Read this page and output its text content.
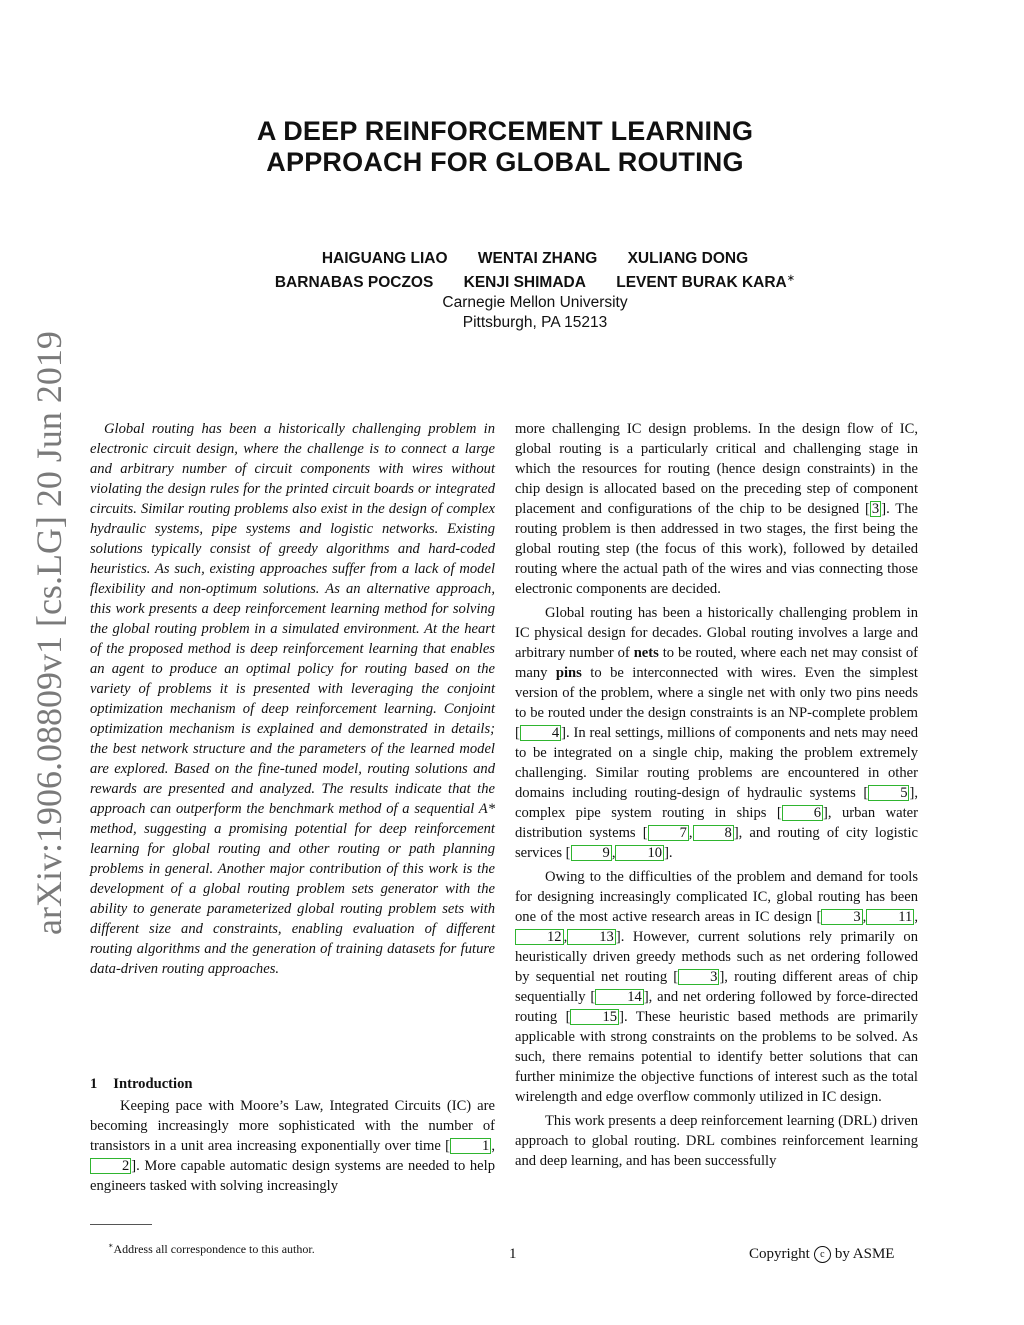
arXiv:1906.08809v1 [cs.LG] 20 Jun 2019
A DEEP REINFORCEMENT LEARNING
APPROACH FOR GLOBAL ROUTING
HAIGUANG LIAO WENTAI ZHANG XULIANG DONG
BARNABAS POCZOS KENJI SHIMADA LEVENT BURAK KARA∗
Carnegie Mellon University
Pittsburgh, PA 15213
Global routing has been a historically challenging problem in electronic circuit design, where the challenge is to connect a large and arbitrary number of circuit components with wires without violating the design rules for the printed circuit boards or integrated circuits. Similar routing problems also exist in the design of complex hydraulic systems, pipe systems and logistic networks. Existing solutions typically consist of greedy algorithms and hard-coded heuristics. As such, existing approaches suffer from a lack of model flexibility and non-optimum solutions. As an alternative approach, this work presents a deep reinforcement learning method for solving the global routing problem in a simulated environment. At the heart of the proposed method is deep reinforcement learning that enables an agent to produce an optimal policy for routing based on the variety of problems it is presented with leveraging the conjoint optimization mechanism of deep reinforcement learning. Conjoint optimization mechanism is explained and demonstrated in details; the best network structure and the parameters of the learned model are explored. Based on the fine-tuned model, routing solutions and rewards are presented and analyzed. The results indicate that the approach can outperform the benchmark method of a sequential A* method, suggesting a promising potential for deep reinforcement learning for global routing and other routing or path planning problems in general. Another major contribution of this work is the development of a global routing problem sets generator with the ability to generate parameterized global routing problem sets with different size and constraints, enabling evaluation of different routing algorithms and the generation of training datasets for future data-driven routing approaches.
1 Introduction
Keeping pace with Moore’s Law, Integrated Circuits (IC) are becoming increasingly more sophisticated with the number of transistors in a unit area increasing exponentially over time [ 1 ,2 ]. More capable automatic design systems are needed to help engineers tasked with solving increasingly

more challenging IC design problems. In the design flow of IC, global routing is a particularly critical and challenging stage in which the resources for routing (hence design constraints) in the chip design is allocated based on the preceding step of component placement and configurations of the chip to be designed [ 3 ]. The routing problem is then addressed in two stages, the first being the global routing step (the focus of this work), followed by detailed routing where the actual path of the wires and vias connecting those electronic components are decided.

Global routing has been a historically challenging problem in IC physical design for decades. Global routing involves a large and arbitrary number of nets to be routed, where each net may consist of many pins to be interconnected with wires. Even the simplest version of the problem, where a single net with only two pins needs to be routed under the design constraints is an NP-complete problem [ 4 ]. In real settings, millions of components and nets may need to be integrated on a single chip, making the problem extremely challenging. Similar routing problems are encountered in other domains including routing-design of hydraulic systems [ 5 ], complex pipe system routing in ships [ 6 ], urban water distribution systems [ 7 , 8 ], and routing of city logistic services [ 9 , 10 ].

Owing to the difficulties of the problem and demand for tools for designing increasingly complicated IC, global routing has been one of the most active research areas in IC design [ 3 , 11 ,12 , 13 ]. However, current solutions rely primarily on heuristically driven greedy methods such as net ordering followed by sequential net routing [ 3 ], routing different areas of chip sequentially [ 14 ], and net ordering followed by force-directed routing [ 15 ]. These heuristic based methods are primarily applicable with strong constraints on the problems to be solved. As such, there remains potential to identify better solutions that can further minimize the objective functions of interest such as the total wirelength and edge overflow commonly utilized in IC design.

This work presents a deep reinforcement learning (DRL) driven approach to global routing. DRL combines reinforcement learning and deep learning, and has been successfully

∗Address all correspondence to this author.	1	Copyright c by ASME
